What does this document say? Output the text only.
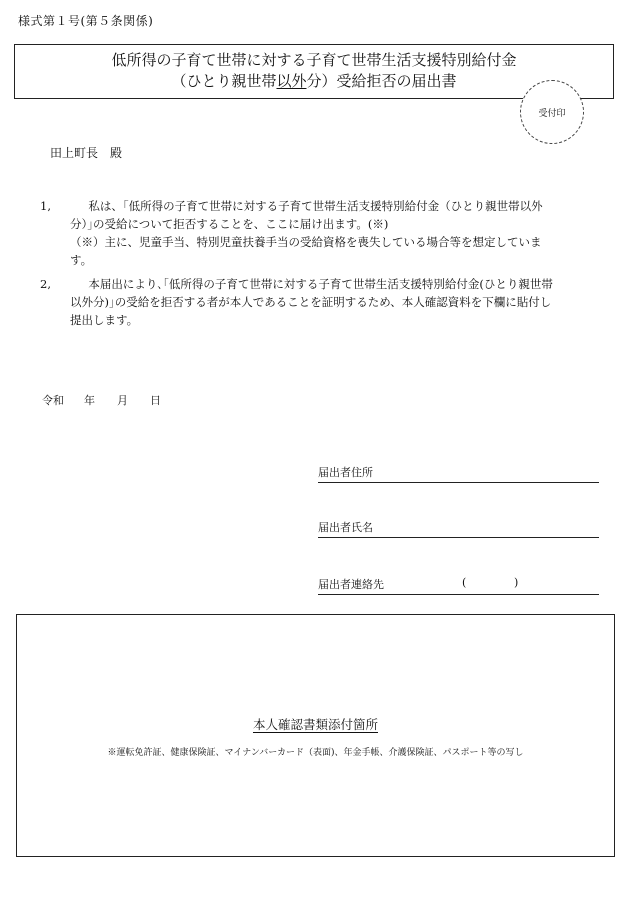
様式第１号(第５条関係)
低所得の子育て世帯に対する子育て世帯生活支援特別給付金
（ひとり親世帯以外分）受給拒否の届出書
受付印
田上町長　殿
1,	私は、｢低所得の子育て世帯に対する子育て世帯生活支援特別給付金（ひとり親世帯以外分）｣の受給について拒否することを、ここに届け出ます。(※)
（※）主に、児童手当、特別児童扶養手当の受給資格を喪失している場合等を想定しています。
2,	本届出により､｢低所得の子育て世帯に対する子育て世帯生活支援特別給付金(ひとり親世帯以外分)｣の受給を拒否する者が本人であることを証明するため、本人確認資料を下欄に貼付し提出します。
令和 年 月 日
届出者住所
届出者氏名
届出者連絡先	(	)
本人確認書類添付箇所
※運転免許証、健康保険証、マイナンバーカード（表面)、年金手帳、介護保険証、パスポート等の写し
